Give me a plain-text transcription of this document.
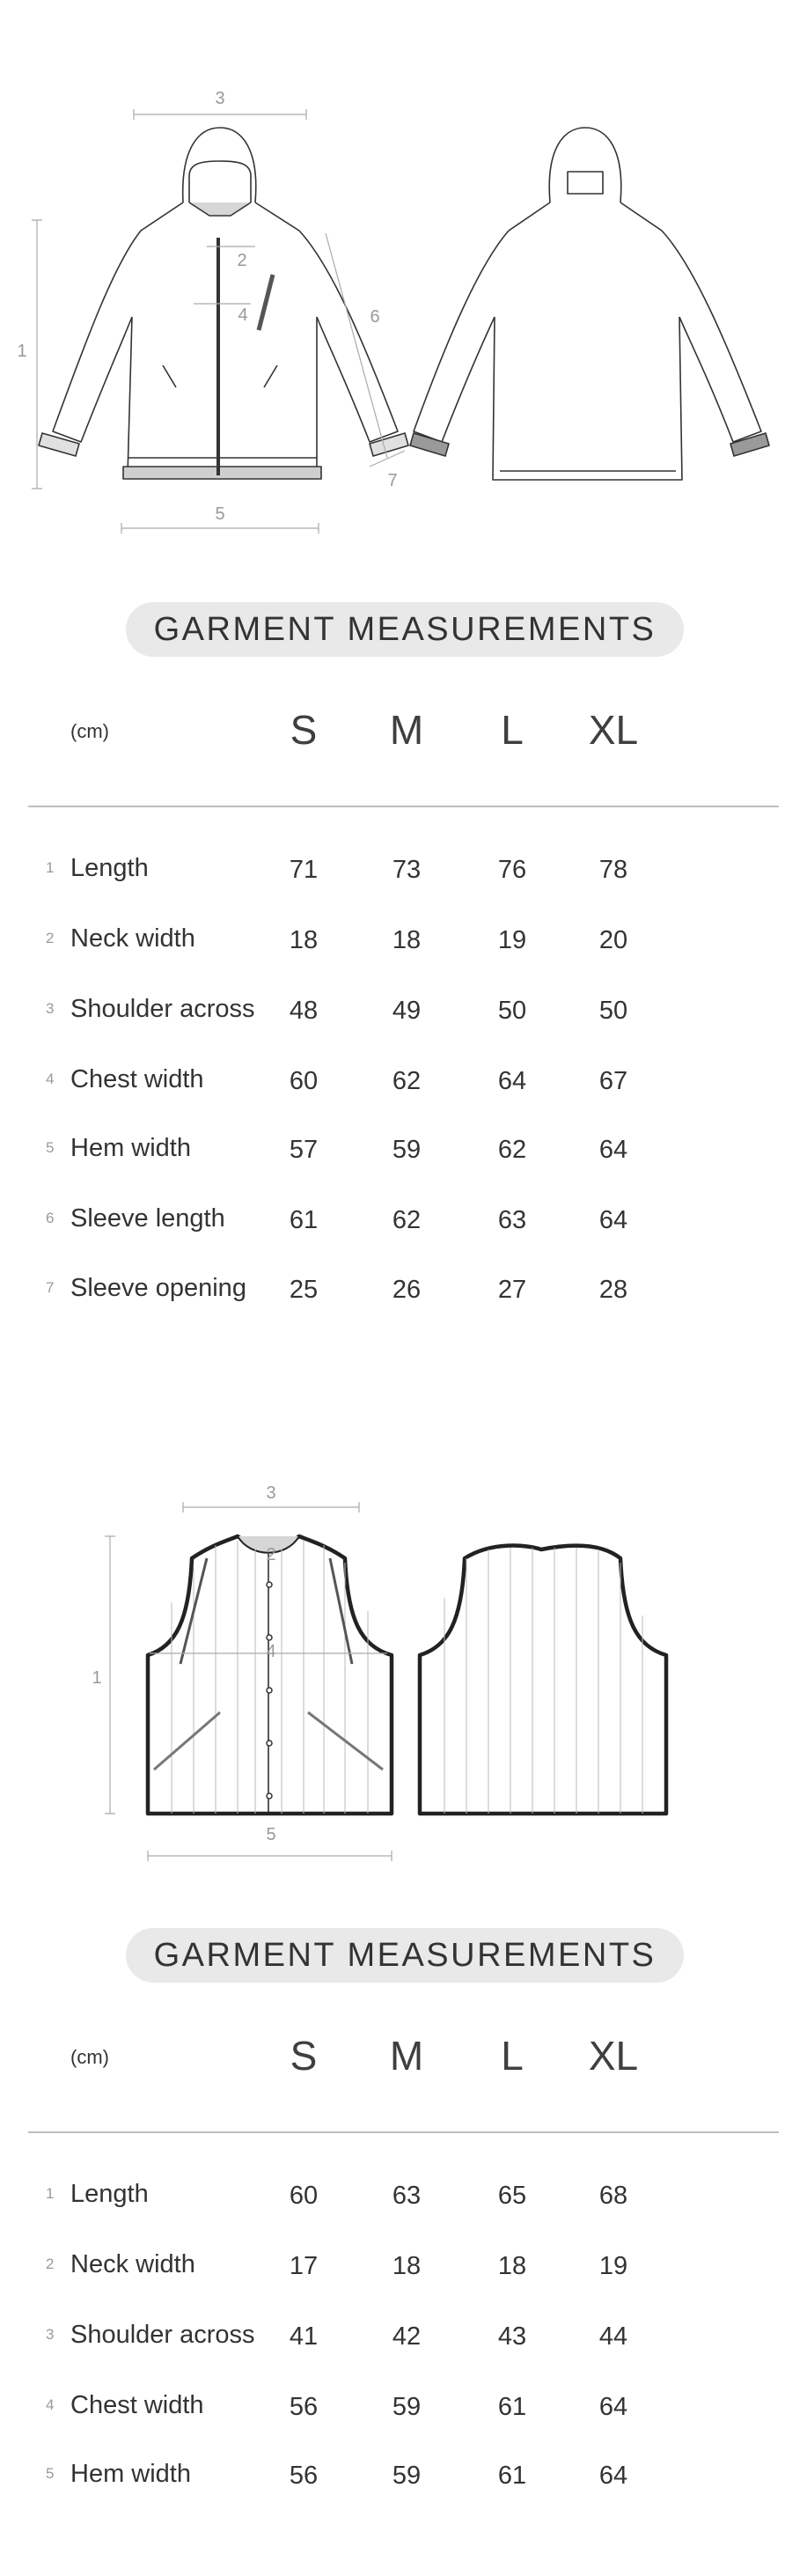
3
1
2
4	6
7
5
GARMENT MEASUREMENTS
(cm)	S	M	L	XL
1 Length	71	73	76	78
2 Neck width	18	18	19	20
3 Shoulder across	48	49	50	50
4 Chest width	60	62	64	67
5 Hem width	57	59	62	64
6 Sleeve length	61	62	63	64
7 Sleeve opening	25	26	27	28
3
1
2
4
5
GARMENT MEASUREMENTS
(cm)	S	M	L	XL
1 Length	60	63	65	68
2 Neck width	17	18	18	19
3 Shoulder across	41	42	43	44
4 Chest width	56	59	61	64
5 Hem width	56	59	61	64
